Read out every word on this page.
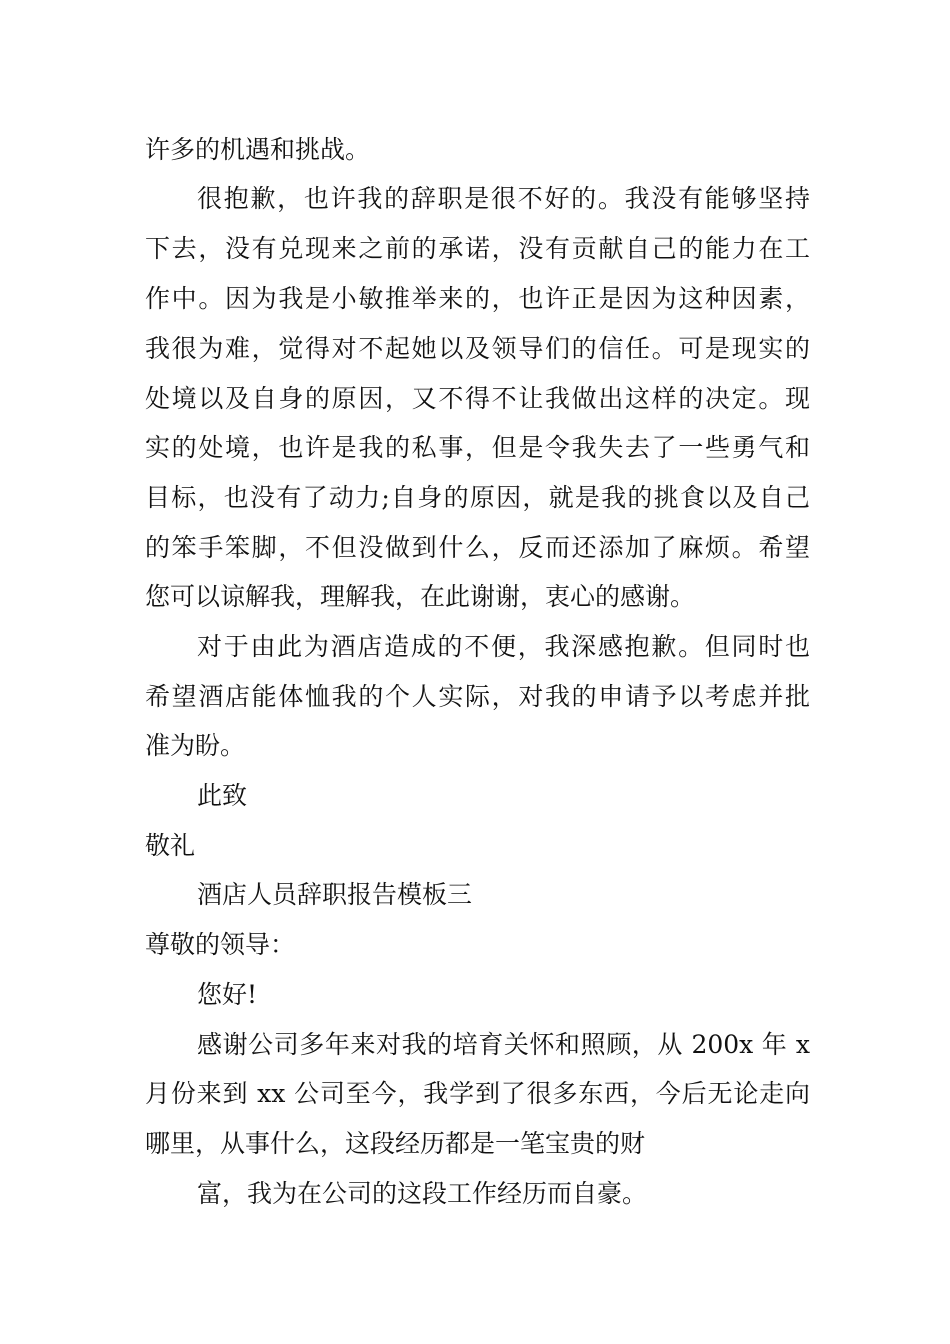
许多的机遇和挑战。
很抱歉，也许我的辞职是很不好的。我没有能够坚持
下去，没有兑现来之前的承诺，没有贡献自己的能力在工
作中。因为我是小敏推举来的，也许正是因为这种因素，
我很为难，觉得对不起她以及领导们的信任。可是现实的
处境以及自身的原因，又不得不让我做出这样的决定。现
实的处境，也许是我的私事，但是令我失去了一些勇气和
目标，也没有了动力;自身的原因，就是我的挑食以及自己
的笨手笨脚，不但没做到什么，反而还添加了麻烦。希望
您可以谅解我，理解我，在此谢谢，衷心的感谢。
对于由此为酒店造成的不便，我深感抱歉。但同时也
希望酒店能体恤我的个人实际，对我的申请予以考虑并批
准为盼。
此致
敬礼
酒店人员辞职报告模板三
尊敬的领导：
您好!
感谢公司多年来对我的培育关怀和照顾，从 200x 年 x
月份来到 xx 公司至今，我学到了很多东西，今后无论走向
哪里，从事什么，这段经历都是一笔宝贵的财
富，我为在公司的这段工作经历而自豪。
